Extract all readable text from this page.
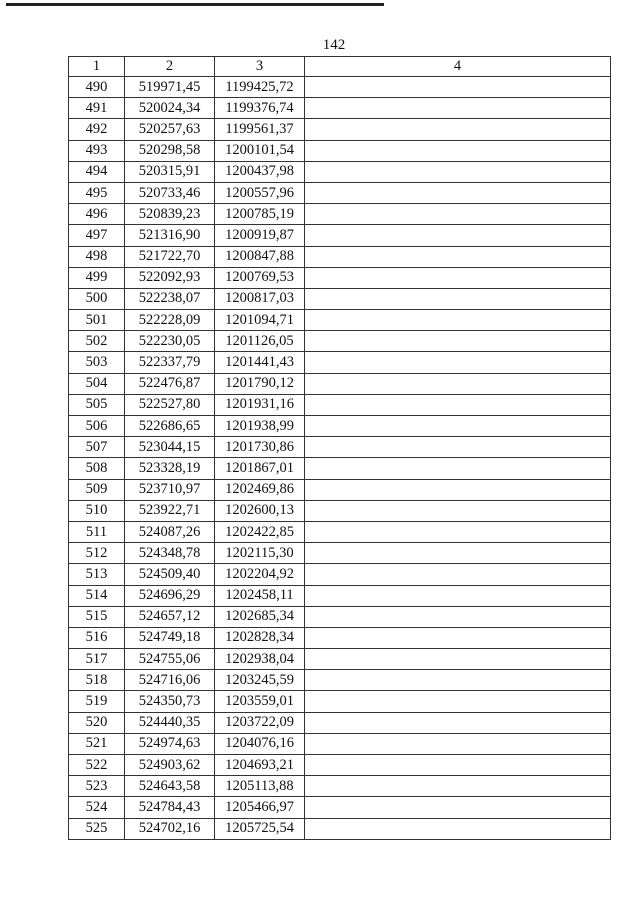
142
1	2	3	4
490	519971,45	1199425,72	
491	520024,34	1199376,74	
492	520257,63	1199561,37	
493	520298,58	1200101,54	
494	520315,91	1200437,98	
495	520733,46	1200557,96	
496	520839,23	1200785,19	
497	521316,90	1200919,87	
498	521722,70	1200847,88	
499	522092,93	1200769,53	
500	522238,07	1200817,03	
501	522228,09	1201094,71	
502	522230,05	1201126,05	
503	522337,79	1201441,43	
504	522476,87	1201790,12	
505	522527,80	1201931,16	
506	522686,65	1201938,99	
507	523044,15	1201730,86	
508	523328,19	1201867,01	
509	523710,97	1202469,86	
510	523922,71	1202600,13	
511	524087,26	1202422,85	
512	524348,78	1202115,30	
513	524509,40	1202204,92	
514	524696,29	1202458,11	
515	524657,12	1202685,34	
516	524749,18	1202828,34	
517	524755,06	1202938,04	
518	524716,06	1203245,59	
519	524350,73	1203559,01	
520	524440,35	1203722,09	
521	524974,63	1204076,16	
522	524903,62	1204693,21	
523	524643,58	1205113,88	
524	524784,43	1205466,97	
525	524702,16	1205725,54	
